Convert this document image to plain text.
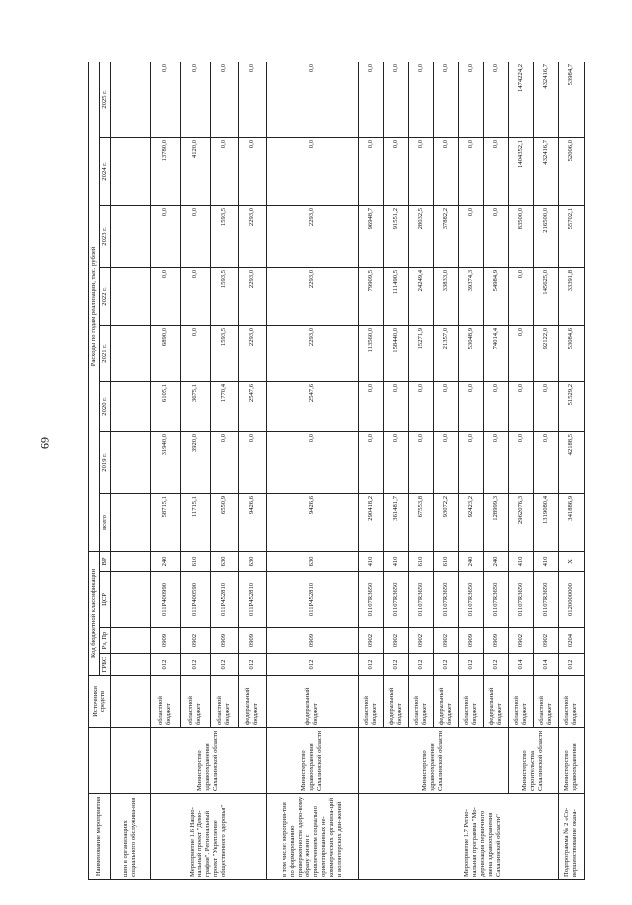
69
Наименование мероприятия		Источники средств	Код бюджетной классификации				Расходы по годам реализации, тыс. рублей							
			ГРБС	Рз, Пр	ЦСР	ВР	всего	2019 г.	2020 г.	2021 г.	2022 г.	2023 г.	2024 г.	2025 г.
шин в организациях социального обслужива-ния														
Мероприятие 1.6 Нацио-нальный проект "Демо-графия". Региональный проект "Укрепление общественного здоровья"	Министерство здравоохранения Сахалинской области	областной бюджет	012	0909	011P400990	240	58715,1	31940,0	6105,1	6890,0	0,0	0,0	13780,0	0,0
		областной бюджет	012	0902	011P400590	610	11715,1	3920,0	3675,1	0,0	0,0	0,0	4120,0	0,0
		областной бюджет	012	0909	011P452810	630	6550,9	0,0	1770,4	1593,5	1593,5	1593,5	0,0	0,0
		федеральный бюджет	012	0909	011P452810	630	9426,6	0,0	2547,6	2293,0	2293,0	2293,0	0,0	0,0
в том числе: мероприя-тия по формированию приверженности здоро-вому образу жизни с привлечением социально ориентированных не-коммерческих организа-ций и волонтерских дви-жений	Министерство здравоохранения Сахалинской области	федеральный бюджет	012	0909	011P452810	630	9426,6	0,0	2547,6	2293,0	2293,0	2293,0	0,0	0,0
	Министерство здравоохранения Сахалинской области	областной бюджет	012	0902	01107R3650	410	290418,2	0,0	0,0	113560,0	79909,5	96948,7	0,0	0,0
		федеральный бюджет	012	0902	01107R3650	410	361481,7	0,0	0,0	158440,0	111490,5	91551,2	0,0	0,0
Мероприятие 1.7 Регио-нальная программа "Мо-дернизация первичного звена здравоохранения Сахалинской области"		областной бюджет	012	0902	01107R3650	610	67553,8	0,0	0,0	15271,9	24249,4	28032,5	0,0	0,0
		федеральный бюджет	012	0902	01107R3650	610	93072,2	0,0	0,0	21357,0	33833,0	37882,2	0,0	0,0
		областной бюджет	012	0909	01107R3650	240	92423,2	0,0	0,0	53048,9	39374,3	0,0	0,0	0,0
		федеральный бюджет	012	0909	01107R3650	240	128999,3	0,0	0,0	74014,4	54984,9	0,0	0,0	0,0
	Министерство строительства Сахалинской области	областной бюджет	014	0902	01107R3650	410	2962076,3	0,0	0,0	0,0	0,0	83500,0	1404352,1	1474224,2
		областной бюджет	014	0902	01107R3650	410	1319080,4	0,0	0,0	92122,0	145625,0	216500,0	432416,7	432416,7
Подпрограмма № 2 «Со-вершенствование оказа-	Министерство здравоохранения	областной бюджет	012	0204	0120000000	Х	341886,9	42188,5	51529,2	53084,6	33391,8	55702,1	52006,0	53984,7
